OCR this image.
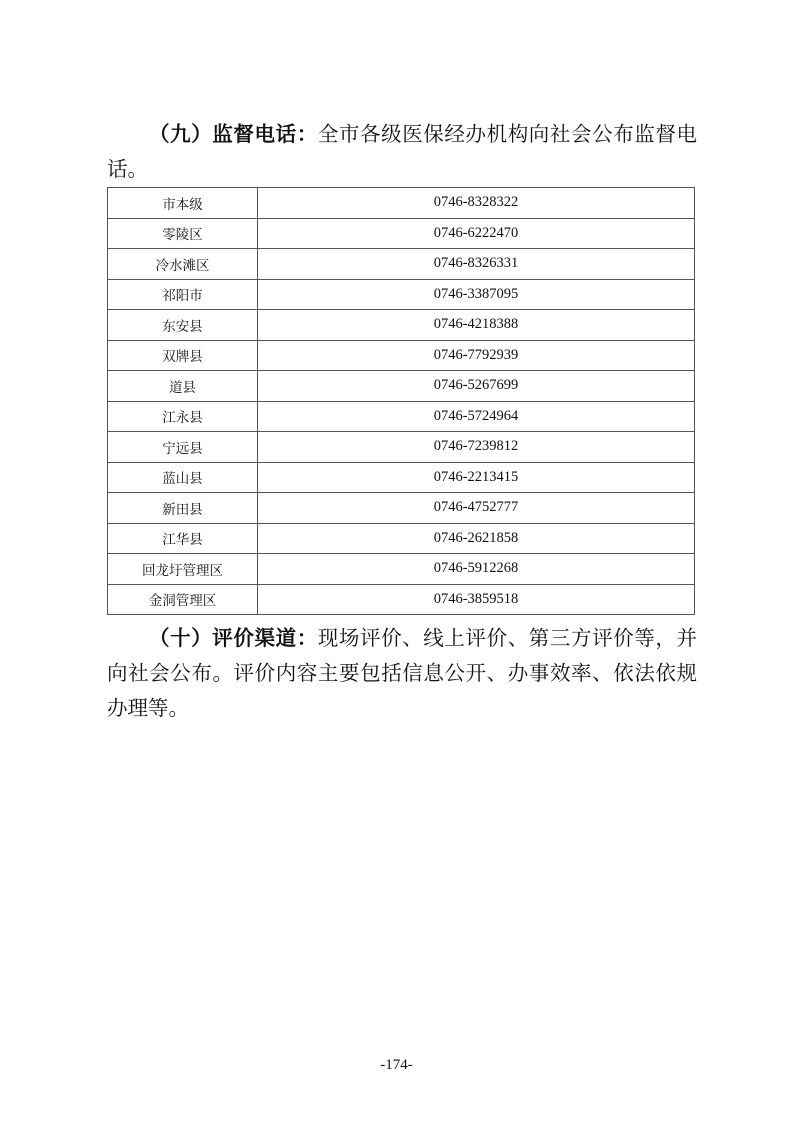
（九）监督电话：全市各级医保经办机构向社会公布监督电话。

市本级	0746-8328322
零陵区	0746-6222470
冷水滩区	0746-8326331
祁阳市	0746-3387095
东安县	0746-4218388
双牌县	0746-7792939
道县	0746-5267699
江永县	0746-5724964
宁远县	0746-7239812
蓝山县	0746-2213415
新田县	0746-4752777
江华县	0746-2621858
回龙圩管理区	0746-5912268
金洞管理区	0746-3859518

（十）评价渠道：现场评价、线上评价、第三方评价等，并向社会公布。评价内容主要包括信息公开、办事效率、依法依规办理等。

-174-
